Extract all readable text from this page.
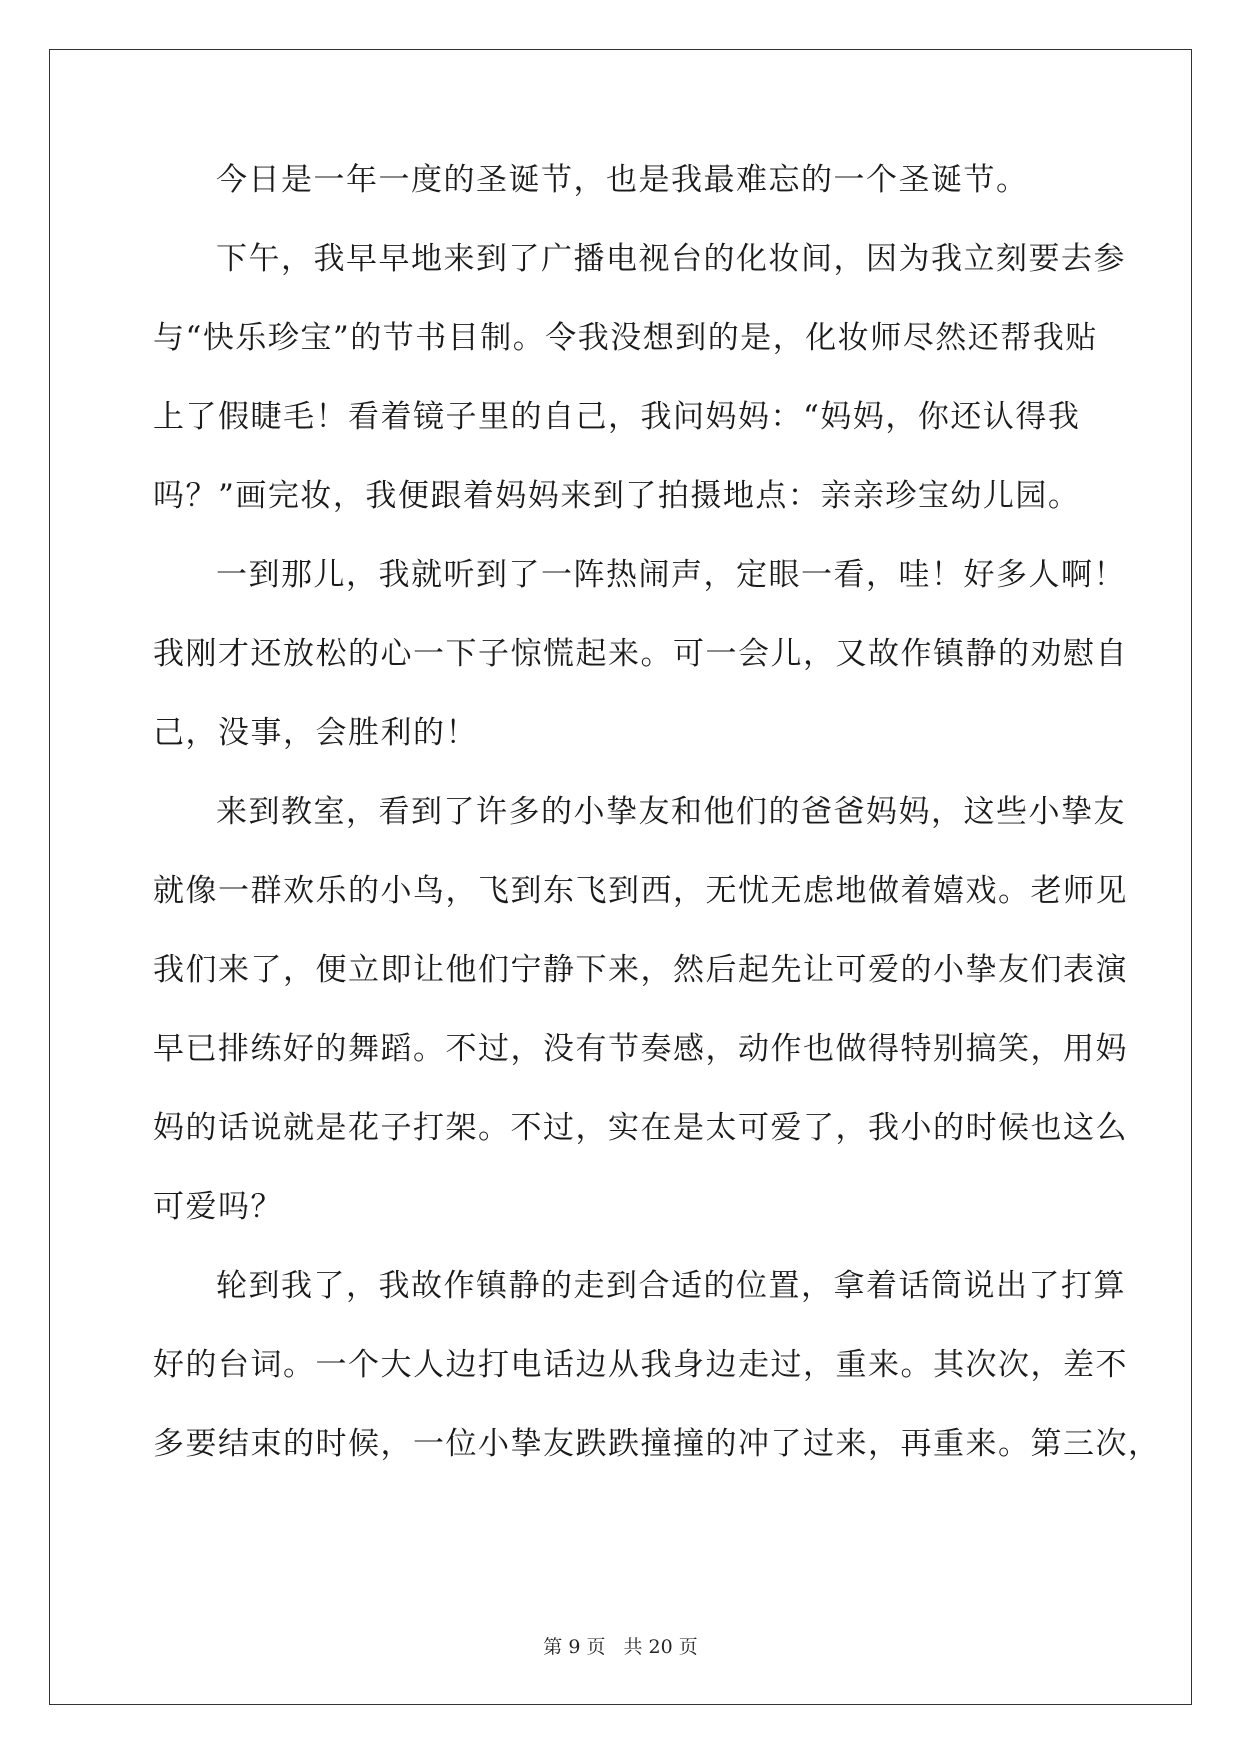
今日是一年一度的圣诞节，也是我最难忘的一个圣诞节。
下午，我早早地来到了广播电视台的化妆间，因为我立刻要去参
与“快乐珍宝”的节书目制。令我没想到的是，化妆师尽然还帮我贴
上了假睫毛！看着镜子里的自己，我问妈妈：“妈妈，你还认得我
吗？”画完妆，我便跟着妈妈来到了拍摄地点：亲亲珍宝幼儿园。
一到那儿，我就听到了一阵热闹声，定眼一看，哇！好多人啊！
我刚才还放松的心一下子惊慌起来。可一会儿，又故作镇静的劝慰自
己，没事，会胜利的！
来到教室，看到了许多的小挚友和他们的爸爸妈妈，这些小挚友
就像一群欢乐的小鸟，飞到东飞到西，无忧无虑地做着嬉戏。老师见
我们来了，便立即让他们宁静下来，然后起先让可爱的小挚友们表演
早已排练好的舞蹈。不过，没有节奏感，动作也做得特别搞笑，用妈
妈的话说就是花子打架。不过，实在是太可爱了，我小的时候也这么
可爱吗？
轮到我了，我故作镇静的走到合适的位置，拿着话筒说出了打算
好的台词。一个大人边打电话边从我身边走过，重来。其次次，差不
多要结束的时候，一位小挚友跌跌撞撞的冲了过来，再重来。第三次，
第 9 页 共 20 页
